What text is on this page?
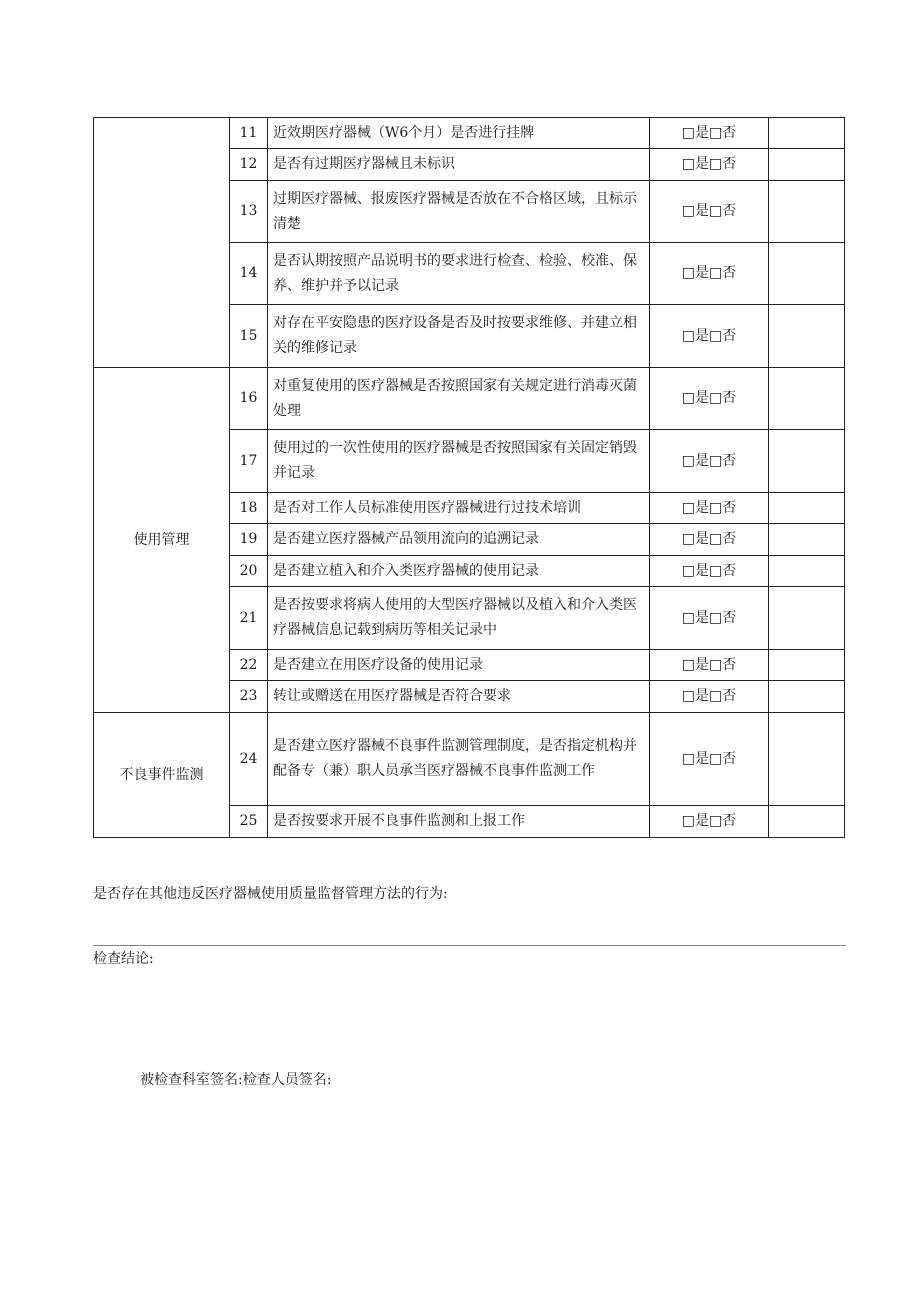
	11	近效期医疗器械（W6个月）是否进行挂牌	□是□否	
	12	是否有过期医疗器械且未标识	□是□否	
	13	过期医疗器械、报废医疗器械是否放在不合格区域，且标示清楚	□是□否	
	14	是否认期按照产品说明书的要求进行检查、检验、校准、保养、维护并予以记录	□是□否	
	15	对存在平安隐患的医疗设备是否及时按要求维修、并建立相关的维修记录	□是□否	
使用管理	16	对重复使用的医疗器械是否按照国家有关规定进行消毒灭菌处理	□是□否	
	17	使用过的一次性使用的医疗器械是否按照国家有关固定销毁并记录	□是□否	
	18	是否对工作人员标准使用医疗器械进行过技术培训	□是□否	
	19	是否建立医疗器械产品领用流向的追溯记录	□是□否	
	20	是否建立植入和介入类医疗器械的使用记录	□是□否	
	21	是否按要求将病人使用的大型医疗器械以及植入和介入类医疗器械信息记载到病历等相关记录中	□是□否	
	22	是否建立在用医疗设备的使用记录	□是□否	
	23	转让或赠送在用医疗器械是否符合要求	□是□否	
不良事件监测	24	是否建立医疗器械不良事件监测管理制度，是否指定机构并配备专（兼）职人员承当医疗器械不良事件监测工作	□是□否	
	25	是否按要求开展不良事件监测和上报工作	□是□否	
是否存在其他违反医疗器械使用质量监督管理方法的行为:
检查结论:
被检查科室签名:检查人员签名:
